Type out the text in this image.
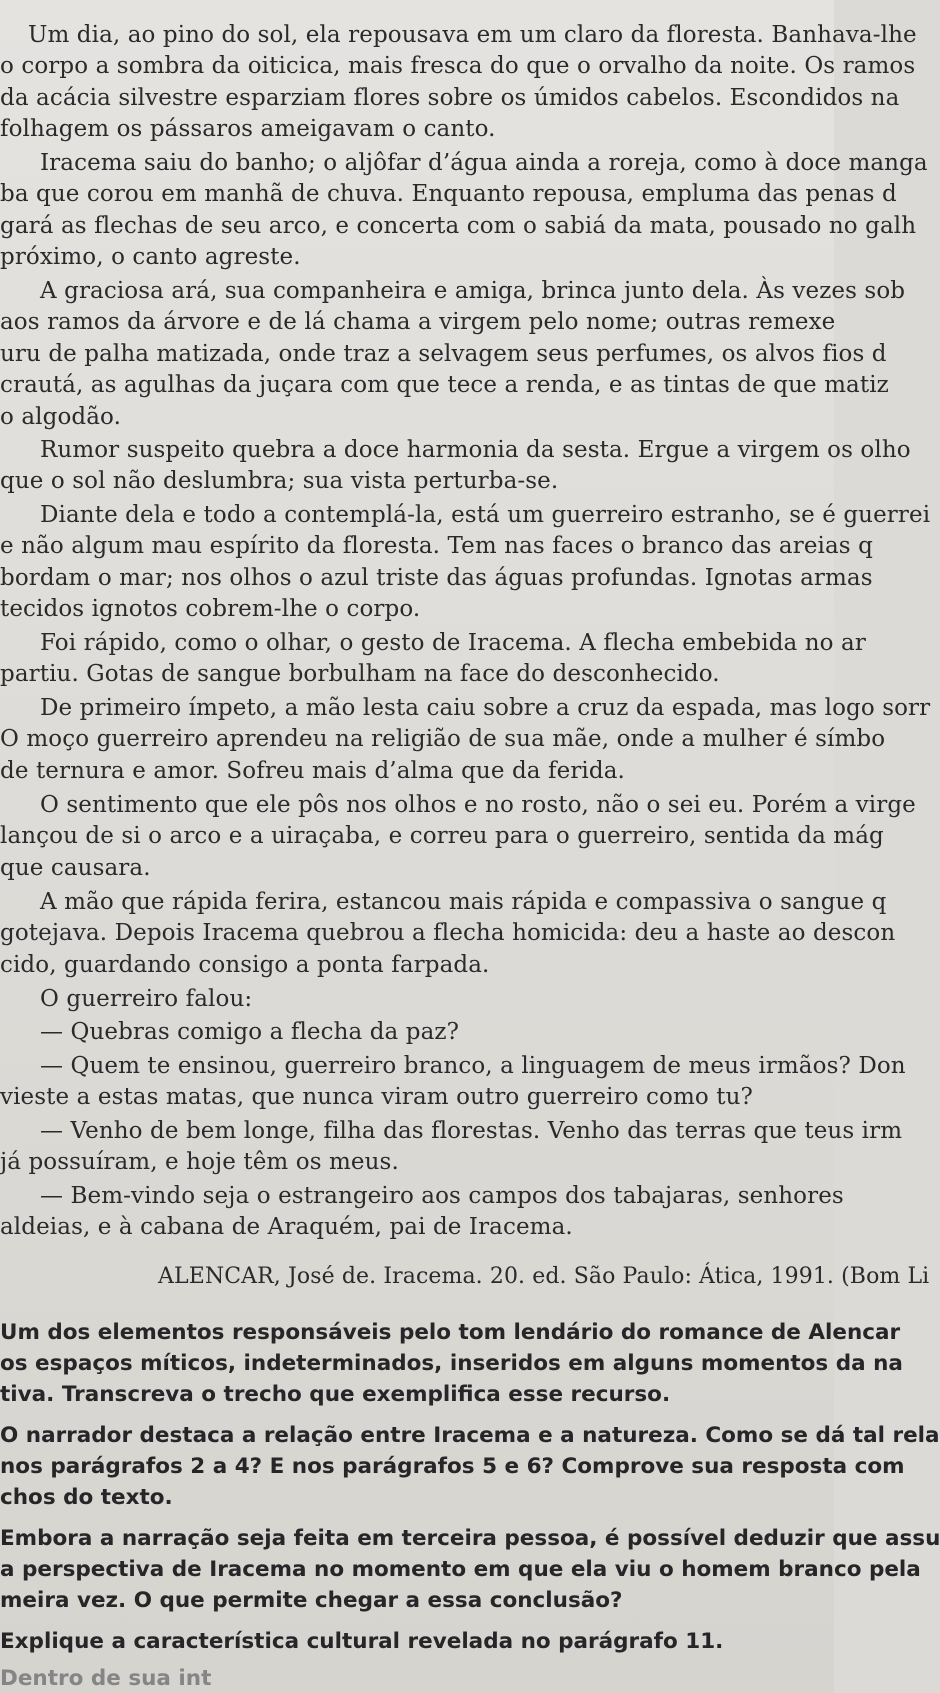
Um dia, ao pino do sol, ela repousava em um claro da floresta. Banhava-lhe
o corpo a sombra da oiticica, mais fresca do que o orvalho da noite. Os ramos
da acácia silvestre esparziam flores sobre os úmidos cabelos. Escondidos na
folhagem os pássaros ameigavam o canto.
Iracema saiu do banho; o aljôfar d’água ainda a roreja, como à doce manga
ba que corou em manhã de chuva. Enquanto repousa, empluma das penas d
gará as flechas de seu arco, e concerta com o sabiá da mata, pousado no galh
próximo, o canto agreste.
A graciosa ará, sua companheira e amiga, brinca junto dela. Às vezes sob
aos ramos da árvore e de lá chama a virgem pelo nome; outras remexe
uru de palha matizada, onde traz a selvagem seus perfumes, os alvos fios d
crautá, as agulhas da juçara com que tece a renda, e as tintas de que matiz
o algodão.
Rumor suspeito quebra a doce harmonia da sesta. Ergue a virgem os olho
que o sol não deslumbra; sua vista perturba-se.
Diante dela e todo a contemplá-la, está um guerreiro estranho, se é guerrei
e não algum mau espírito da floresta. Tem nas faces o branco das areias q
bordam o mar; nos olhos o azul triste das águas profundas. Ignotas armas
tecidos ignotos cobrem-lhe o corpo.
Foi rápido, como o olhar, o gesto de Iracema. A flecha embebida no ar
partiu. Gotas de sangue borbulham na face do desconhecido.
De primeiro ímpeto, a mão lesta caiu sobre a cruz da espada, mas logo sorr
O moço guerreiro aprendeu na religião de sua mãe, onde a mulher é símbo
de ternura e amor. Sofreu mais d’alma que da ferida.
O sentimento que ele pôs nos olhos e no rosto, não o sei eu. Porém a virge
lançou de si o arco e a uiraçaba, e correu para o guerreiro, sentida da mág
que causara.
A mão que rápida ferira, estancou mais rápida e compassiva o sangue q
gotejava. Depois Iracema quebrou a flecha homicida: deu a haste ao descon
cido, guardando consigo a ponta farpada.
O guerreiro falou:
— Quebras comigo a flecha da paz?
— Quem te ensinou, guerreiro branco, a linguagem de meus irmãos? Don
vieste a estas matas, que nunca viram outro guerreiro como tu?
— Venho de bem longe, filha das florestas. Venho das terras que teus irm
já possuíram, e hoje têm os meus.
— Bem-vindo seja o estrangeiro aos campos dos tabajaras, senhores
aldeias, e à cabana de Araquém, pai de Iracema.
ALENCAR, José de. Iracema. 20. ed. São Paulo: Ática, 1991. (Bom Li
Um dos elementos responsáveis pelo tom lendário do romance de Alencar
os espaços míticos, indeterminados, inseridos em alguns momentos da na
tiva. Transcreva o trecho que exemplifica esse recurso.
O narrador destaca a relação entre Iracema e a natureza. Como se dá tal rela
nos parágrafos 2 a 4? E nos parágrafos 5 e 6? Comprove sua resposta com
chos do texto.
Embora a narração seja feita em terceira pessoa, é possível deduzir que assu
a perspectiva de Iracema no momento em que ela viu o homem branco pela
meira vez. O que permite chegar a essa conclusão?
Explique a característica cultural revelada no parágrafo 11.
Dentro de sua int
